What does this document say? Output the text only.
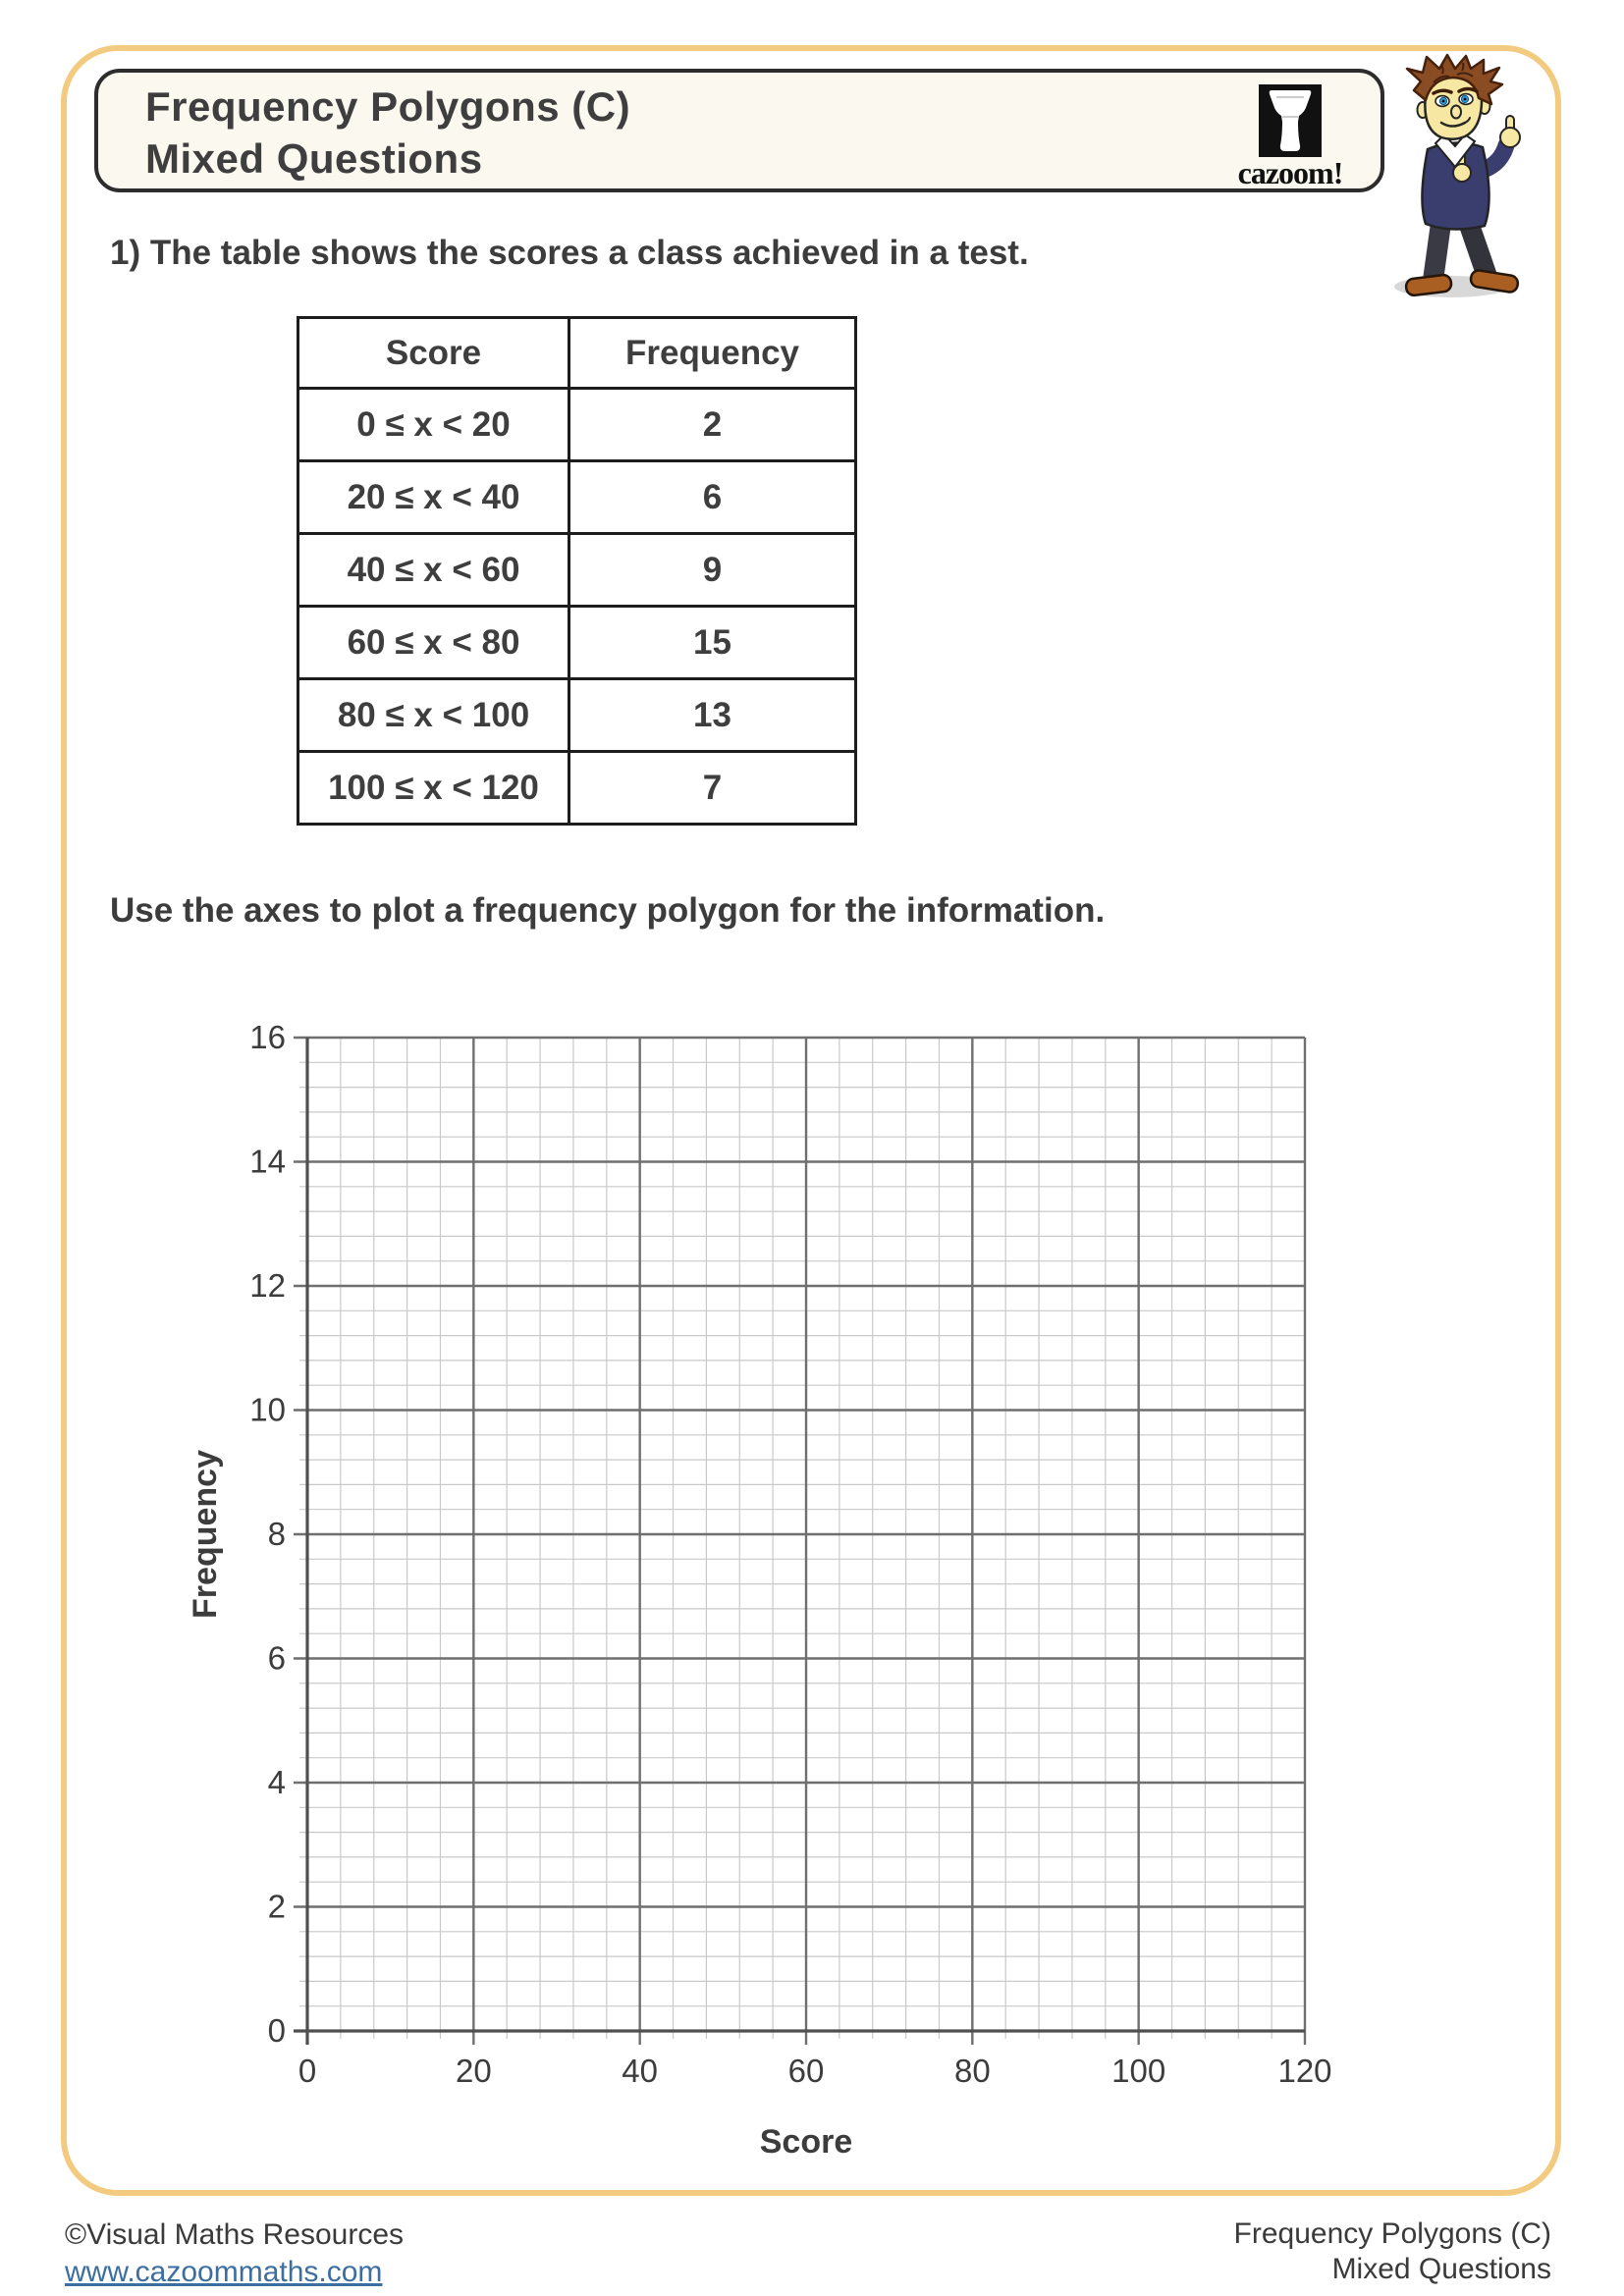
Frequency Polygons (C)
Mixed Questions	cazoom!
1) The table shows the scores a class achieved in a test.
Score	Frequency
0 ≤ x < 20	2
20 ≤ x < 40	6
40 ≤ x < 60	9
60 ≤ x < 80	15
80 ≤ x < 100	13
100 ≤ x < 120	7
Use the axes to plot a frequency polygon for the information.
0
2
4
6
8
10
12
14
16
0	20	40	60	80	100	120
Frequency
Score
©Visual Maths Resources
www.cazoommaths.com
Frequency Polygons (C)
Mixed Questions
